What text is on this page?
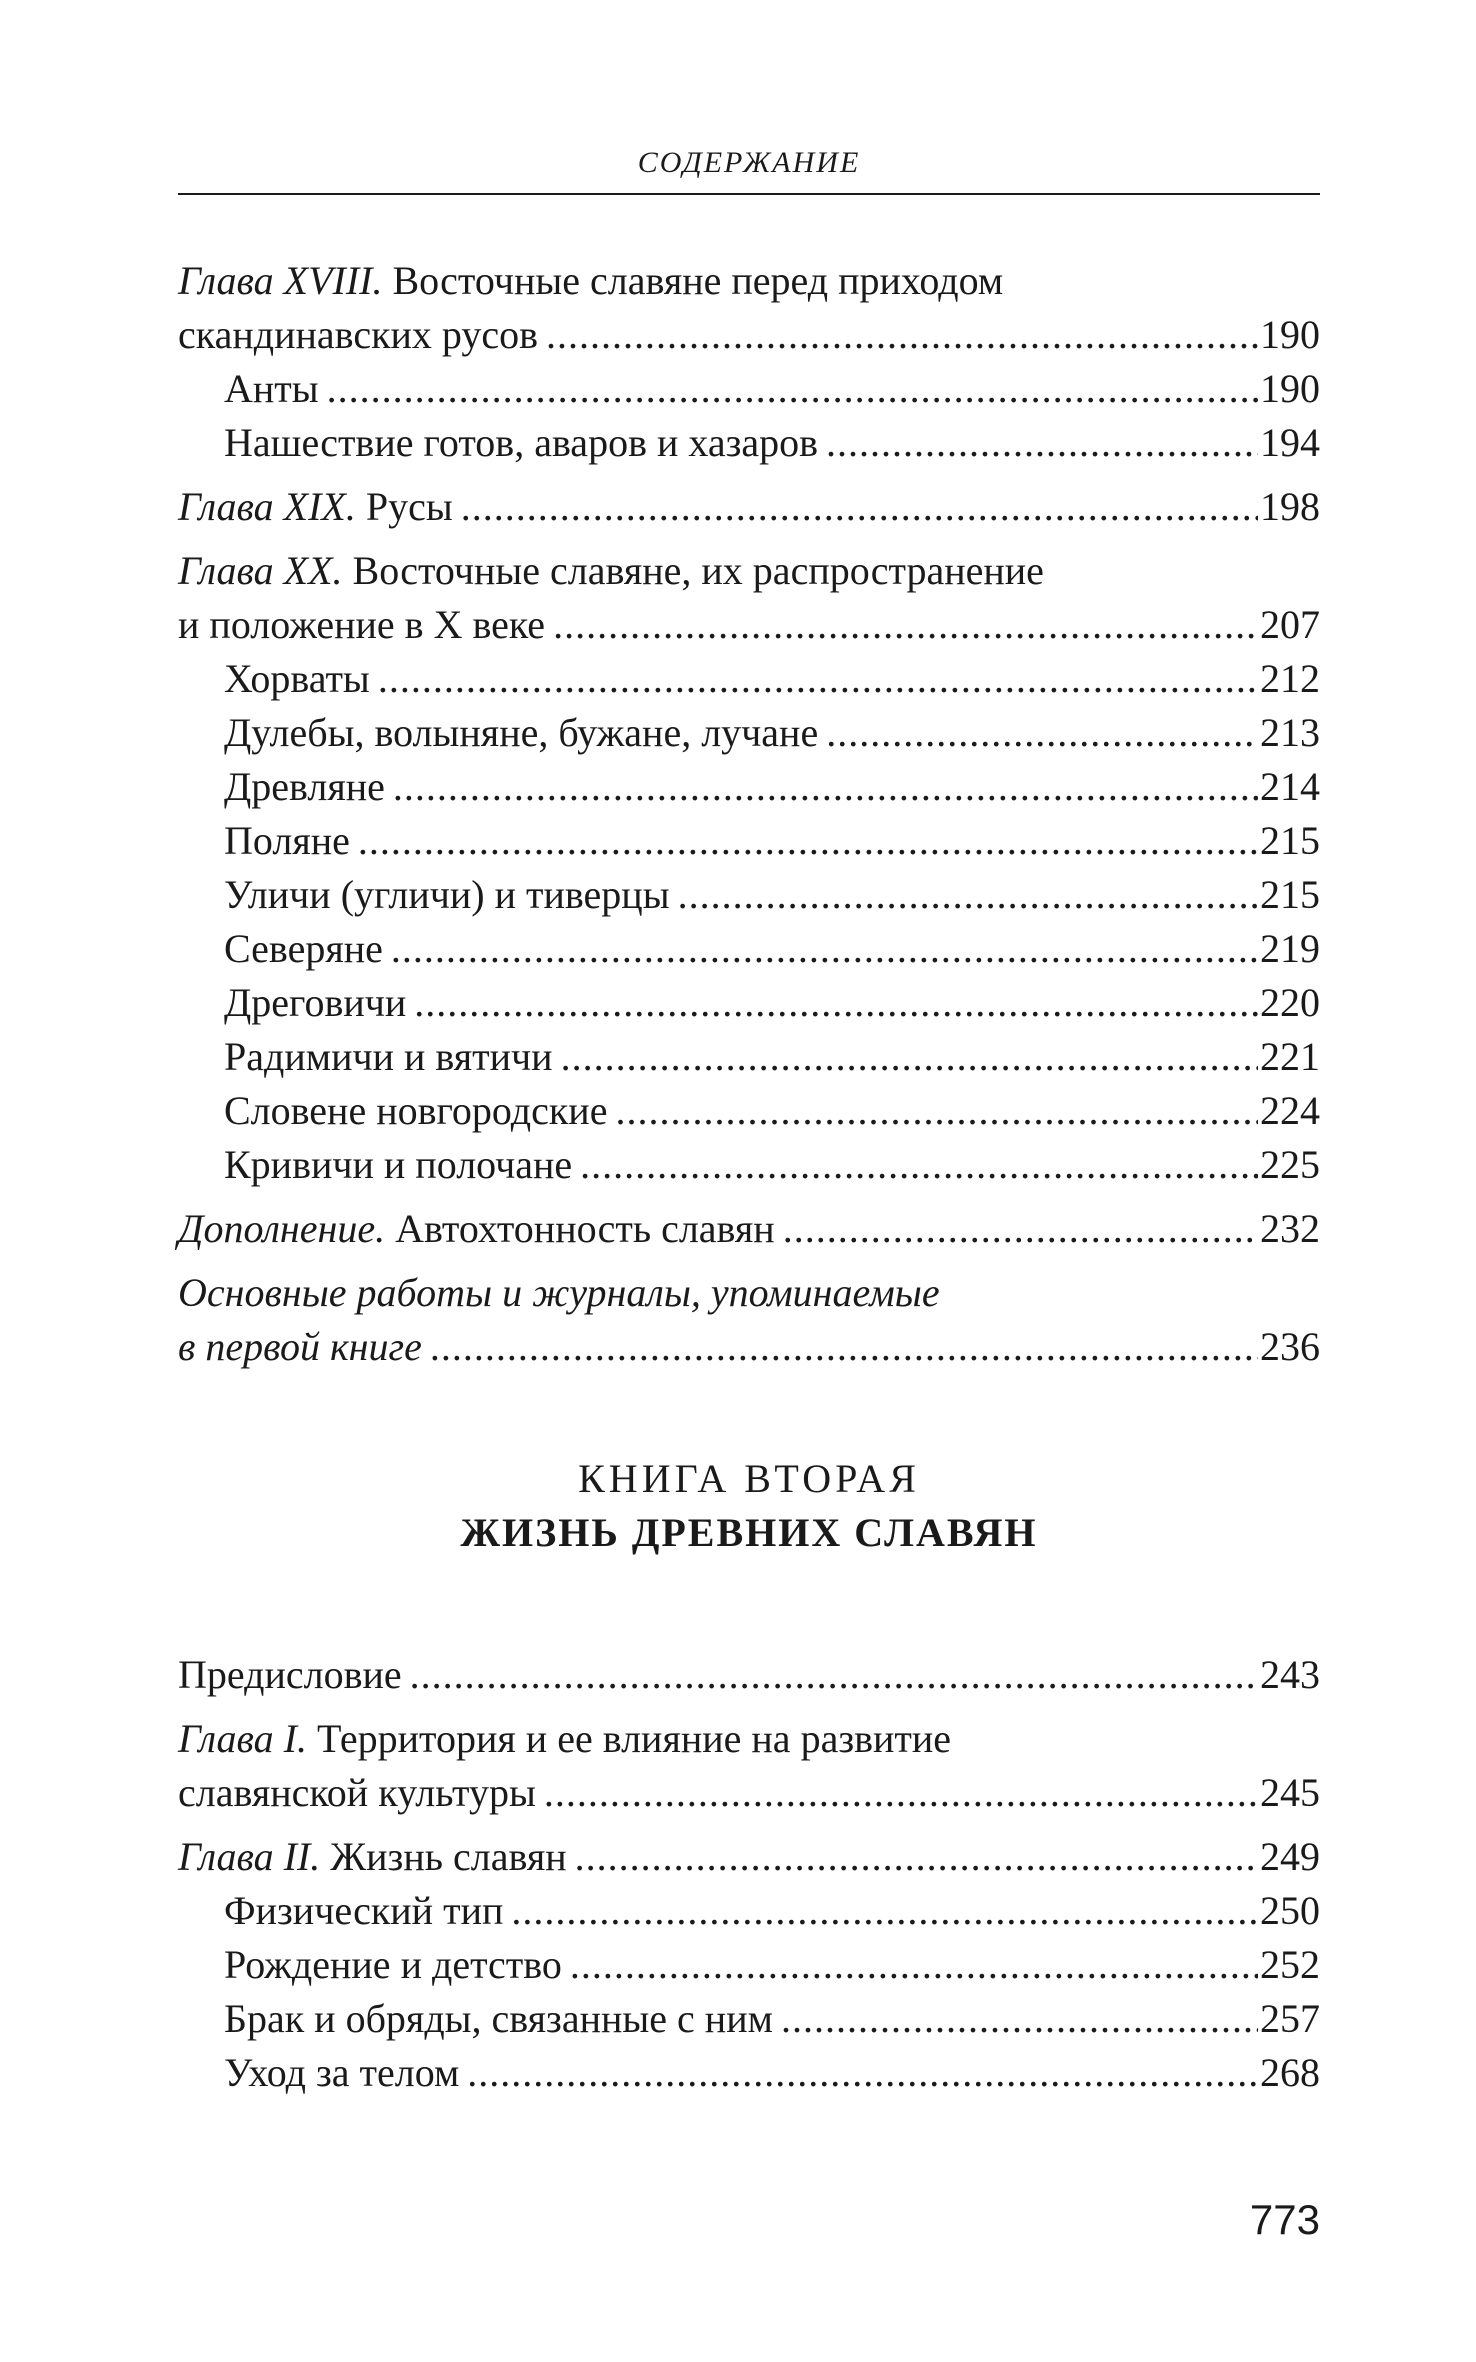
СОДЕРЖАНИЕ
Глава XVIII. Восточные славяне перед приходом
скандинавских русов .....	190
Анты .....	190
Нашествие готов, аваров и хазаров .....	194
Глава XIX. Русы .....	198
Глава XX. Восточные славяне, их распространение
и положение в X веке .....	207
Хорваты .....	212
Дулебы, волыняне, бужане, лучане .....	213
Древляне .....	214
Поляне .....	215
Уличи (угличи) и тиверцы .....	215
Северяне .....	219
Дреговичи .....	220
Радимичи и вятичи .....	221
Словене новгородские .....	224
Кривичи и полочане .....	225
Дополнение. Автохтонность славян .....	232
Основные работы и журналы, упоминаемые
в первой книге .....	236
КНИГА ВТОРАЯ
ЖИЗНЬ ДРЕВНИХ СЛАВЯН
Предисловие .....	243
Глава I. Территория и ее влияние на развитие
славянской культуры .....	245
Глава II. Жизнь славян .....	249
Физический тип .....	250
Рождение и детство .....	252
Брак и обряды, связанные с ним .....	257
Уход за телом .....	268
773
